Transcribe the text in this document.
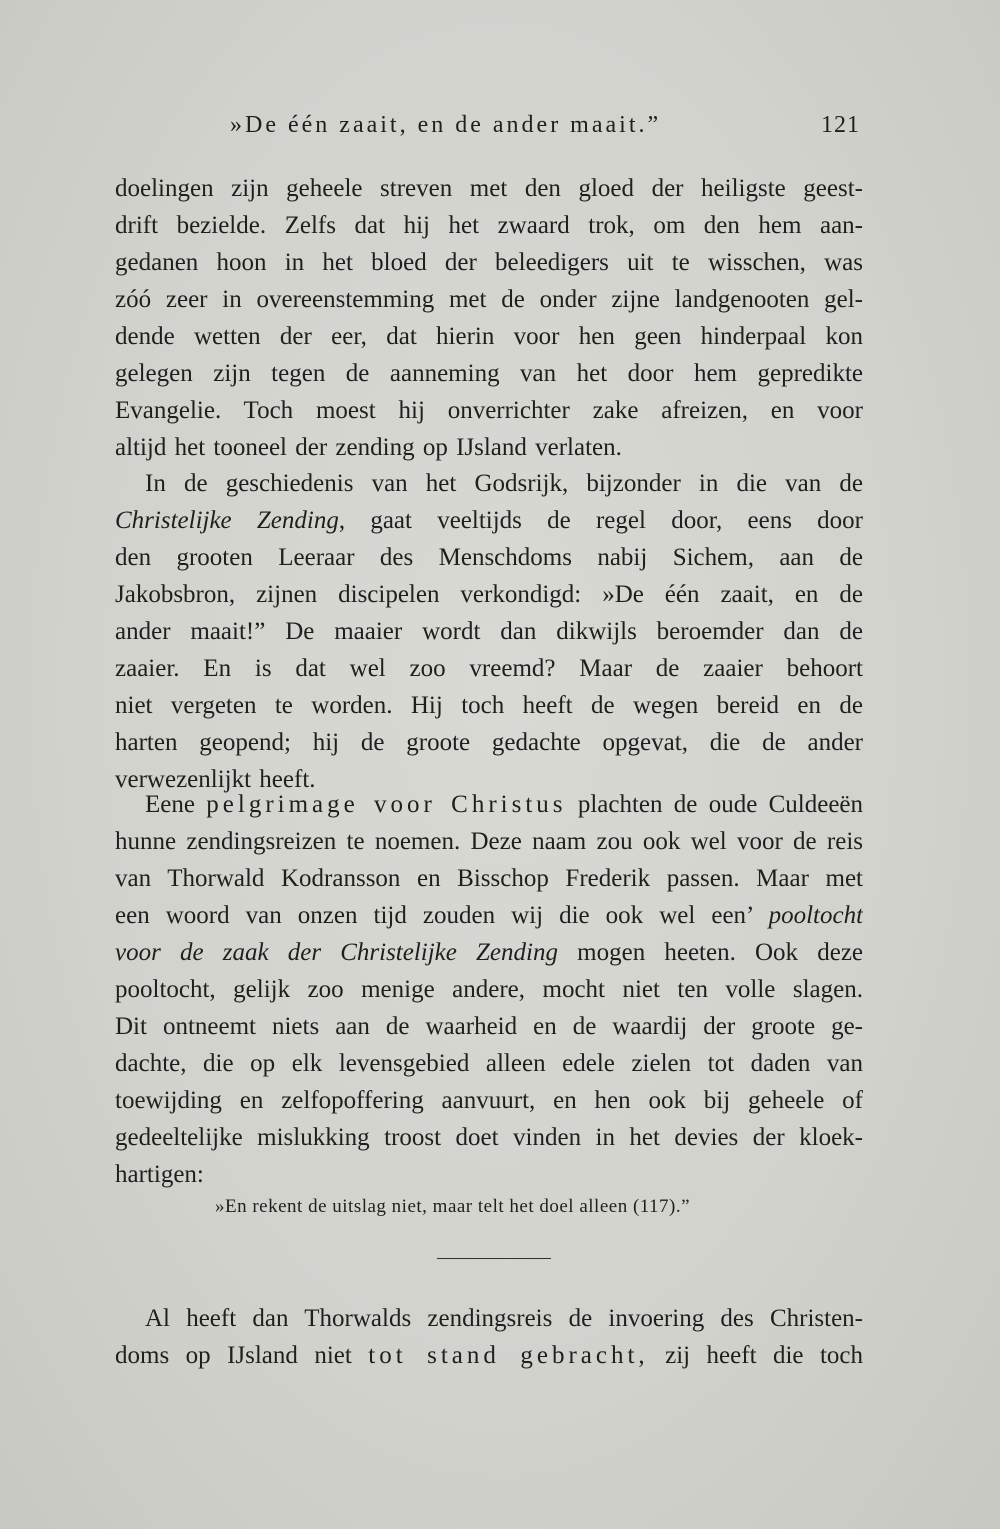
»De één zaait, en de ander maait.”	121
doelingen zijn geheele streven met den gloed der heiligste geest-
drift bezielde. Zelfs dat hij het zwaard trok, om den hem aan-
gedanen hoon in het bloed der beleedigers uit te wisschen, was
zóó zeer in overeenstemming met de onder zijne landgenooten gel-
dende wetten der eer, dat hierin voor hen geen hinderpaal kon
gelegen zijn tegen de aanneming van het door hem gepredikte
Evangelie. Toch moest hij onverrichter zake afreizen, en voor
altijd het tooneel der zending op IJsland verlaten.
In de geschiedenis van het Godsrijk, bijzonder in die van de
Christelijke Zending, gaat veeltijds de regel door, eens door
den grooten Leeraar des Menschdoms nabij Sichem, aan de
Jakobsbron, zijnen discipelen verkondigd: »De één zaait, en de
ander maait!” De maaier wordt dan dikwijls beroemder dan de
zaaier. En is dat wel zoo vreemd? Maar de zaaier behoort
niet vergeten te worden. Hij toch heeft de wegen bereid en de
harten geopend; hij de groote gedachte opgevat, die de ander
verwezenlijkt heeft.
Eene pelgrimage voor Christus plachten de oude Culdeeën
hunne zendingsreizen te noemen. Deze naam zou ook wel voor de reis
van Thorwald Kodransson en Bisschop Frederik passen. Maar met
een woord van onzen tijd zouden wij die ook wel een’ pooltocht
voor de zaak der Christelijke Zending mogen heeten. Ook deze
pooltocht, gelijk zoo menige andere, mocht niet ten volle slagen.
Dit ontneemt niets aan de waarheid en de waardij der groote ge-
dachte, die op elk levensgebied alleen edele zielen tot daden van
toewijding en zelfopoffering aanvuurt, en hen ook bij geheele of
gedeeltelijke mislukking troost doet vinden in het devies der kloek-
hartigen:
»En rekent de uitslag niet, maar telt het doel alleen (117).”
Al heeft dan Thorwalds zendingsreis de invoering des Christen-
doms op IJsland niet tot stand gebracht, zij heeft die toch
